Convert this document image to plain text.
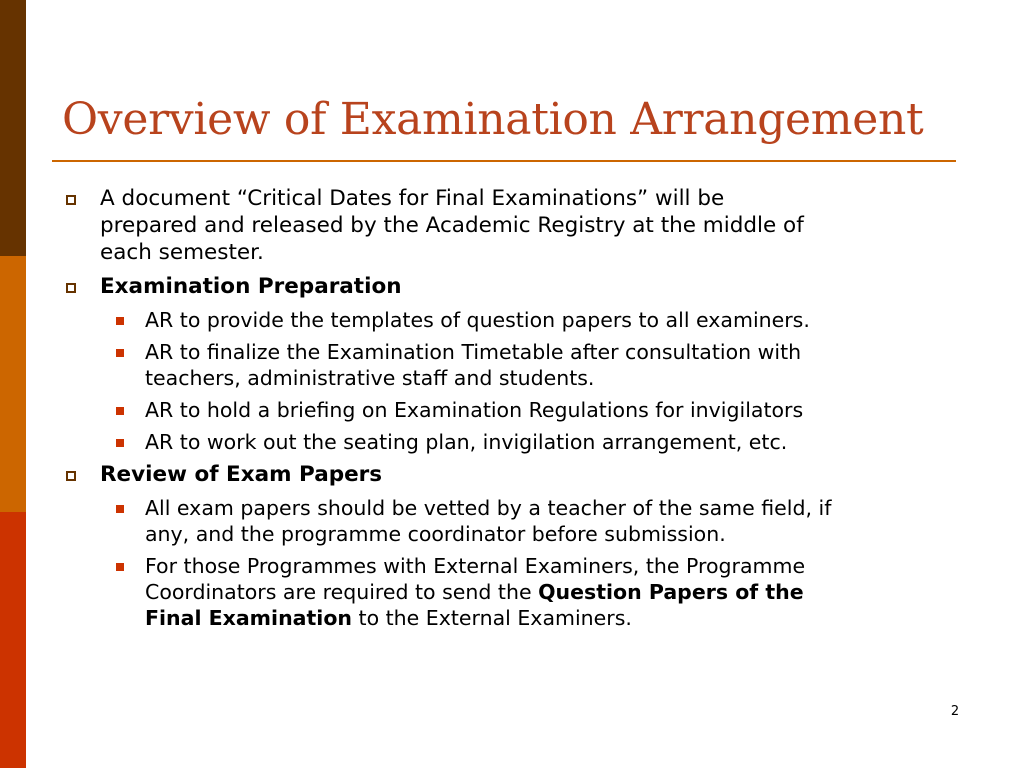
Overview of Examination Arrangement
A document “Critical Dates for Final Examinations” will be
prepared and released by the Academic Registry at the middle of
each semester.
Examination Preparation
AR to provide the templates of question papers to all examiners.
AR to finalize the Examination Timetable after consultation with
teachers, administrative staff and students.
AR to hold a briefing on Examination Regulations for invigilators
AR to work out the seating plan, invigilation arrangement, etc.
Review of Exam Papers
All exam papers should be vetted by a teacher of the same field, if
any, and the programme coordinator before submission.
For those Programmes with External Examiners, the Programme
Coordinators are required to send the Question Papers of the
Final Examination to the External Examiners.
2
